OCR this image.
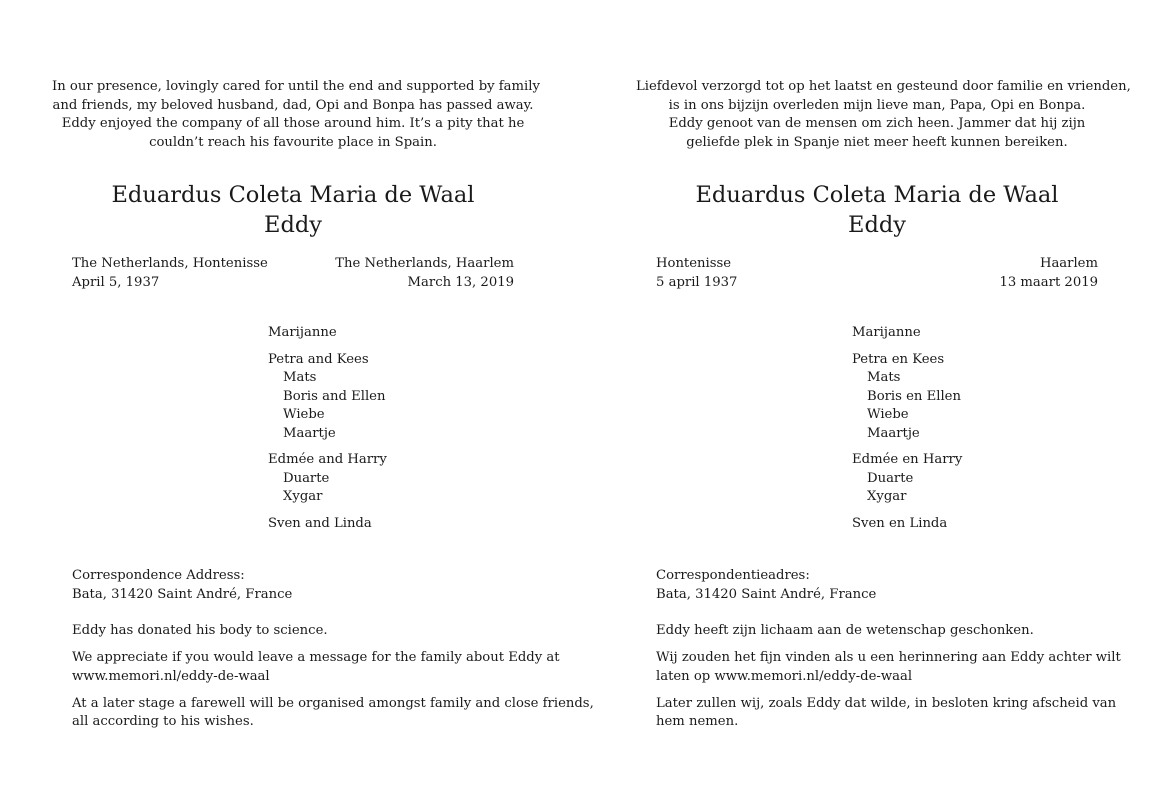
In our presence, lovingly cared for until the end and supported by family
and friends, my beloved husband, dad, Opi and Bonpa has passed away.
Eddy enjoyed the company of all those around him. It’s a pity that he
couldn’t reach his favourite place in Spain.
Eduardus Coleta Maria de Waal
Eddy
The Netherlands, Hontenisse
April 5, 1937
The Netherlands, Haarlem
March 13, 2019
Marijanne
Petra and Kees
Mats
Boris and Ellen
Wiebe
Maartje
Edmée and Harry
Duarte
Xygar
Sven and Linda
Correspondence Address:
Bata, 31420 Saint André, France

Eddy has donated his body to science.

We appreciate if you would leave a message for the family about Eddy at
www.memori.nl/eddy-de-waal

At a later stage a farewell will be organised amongst family and close friends,
all according to his wishes.

Liefdevol verzorgd tot op het laatst en gesteund door familie en vrienden,
is in ons bijzijn overleden mijn lieve man, Papa, Opi en Bonpa.
Eddy genoot van de mensen om zich heen. Jammer dat hij zijn
geliefde plek in Spanje niet meer heeft kunnen bereiken.
Eduardus Coleta Maria de Waal
Eddy
Hontenisse
5 april 1937
Haarlem
13 maart 2019
Marijanne
Petra en Kees
Mats
Boris en Ellen
Wiebe
Maartje
Edmée en Harry
Duarte
Xygar
Sven en Linda
Correspondentieadres:
Bata, 31420 Saint André, France

Eddy heeft zijn lichaam aan de wetenschap geschonken.

Wij zouden het fijn vinden als u een herinnering aan Eddy achter wilt
laten op www.memori.nl/eddy-de-waal

Later zullen wij, zoals Eddy dat wilde, in besloten kring afscheid van
hem nemen.
